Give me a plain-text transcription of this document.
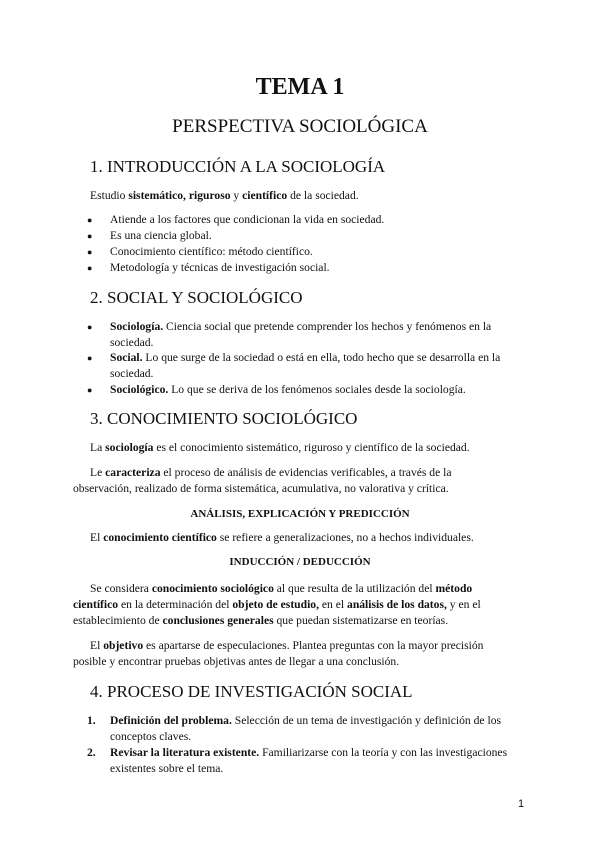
TEMA 1
PERSPECTIVA SOCIOLÓGICA
1. INTRODUCCIÓN A LA SOCIOLOGÍA
Estudio sistemático, riguroso y científico de la sociedad.
● Atiende a los factores que condicionan la vida en sociedad.
● Es una ciencia global.
● Conocimiento científico: método científico.
● Metodología y técnicas de investigación social.
2. SOCIAL Y SOCIOLÓGICO
● Sociología. Ciencia social que pretende comprender los hechos y fenómenos en la sociedad.
● Social. Lo que surge de la sociedad o está en ella, todo hecho que se desarrolla en la sociedad.
● Sociológico. Lo que se deriva de los fenómenos sociales desde la sociología.
3. CONOCIMIENTO SOCIOLÓGICO
La sociología es el conocimiento sistemático, riguroso y científico de la sociedad.
Le caracteriza el proceso de análisis de evidencias verificables, a través de la
observación, realizado de forma sistemática, acumulativa, no valorativa y crítica.
ANÁLISIS, EXPLICACIÓN Y PREDICCIÓN
El conocimiento científico se refiere a generalizaciones, no a hechos individuales.
INDUCCIÓN / DEDUCCIÓN
Se considera conocimiento sociológico al que resulta de la utilización del método
científico en la determinación del objeto de estudio, en el análisis de los datos, y en el
establecimiento de conclusiones generales que puedan sistematizarse en teorías.
El objetivo es apartarse de especulaciones. Plantea preguntas con la mayor precisión
posible y encontrar pruebas objetivas antes de llegar a una conclusión.
4. PROCESO DE INVESTIGACIÓN SOCIAL
1. Definición del problema. Selección de un tema de investigación y definición de los conceptos claves.
2. Revisar la literatura existente. Familiarizarse con la teoría y con las investigaciones existentes sobre el tema.
1
